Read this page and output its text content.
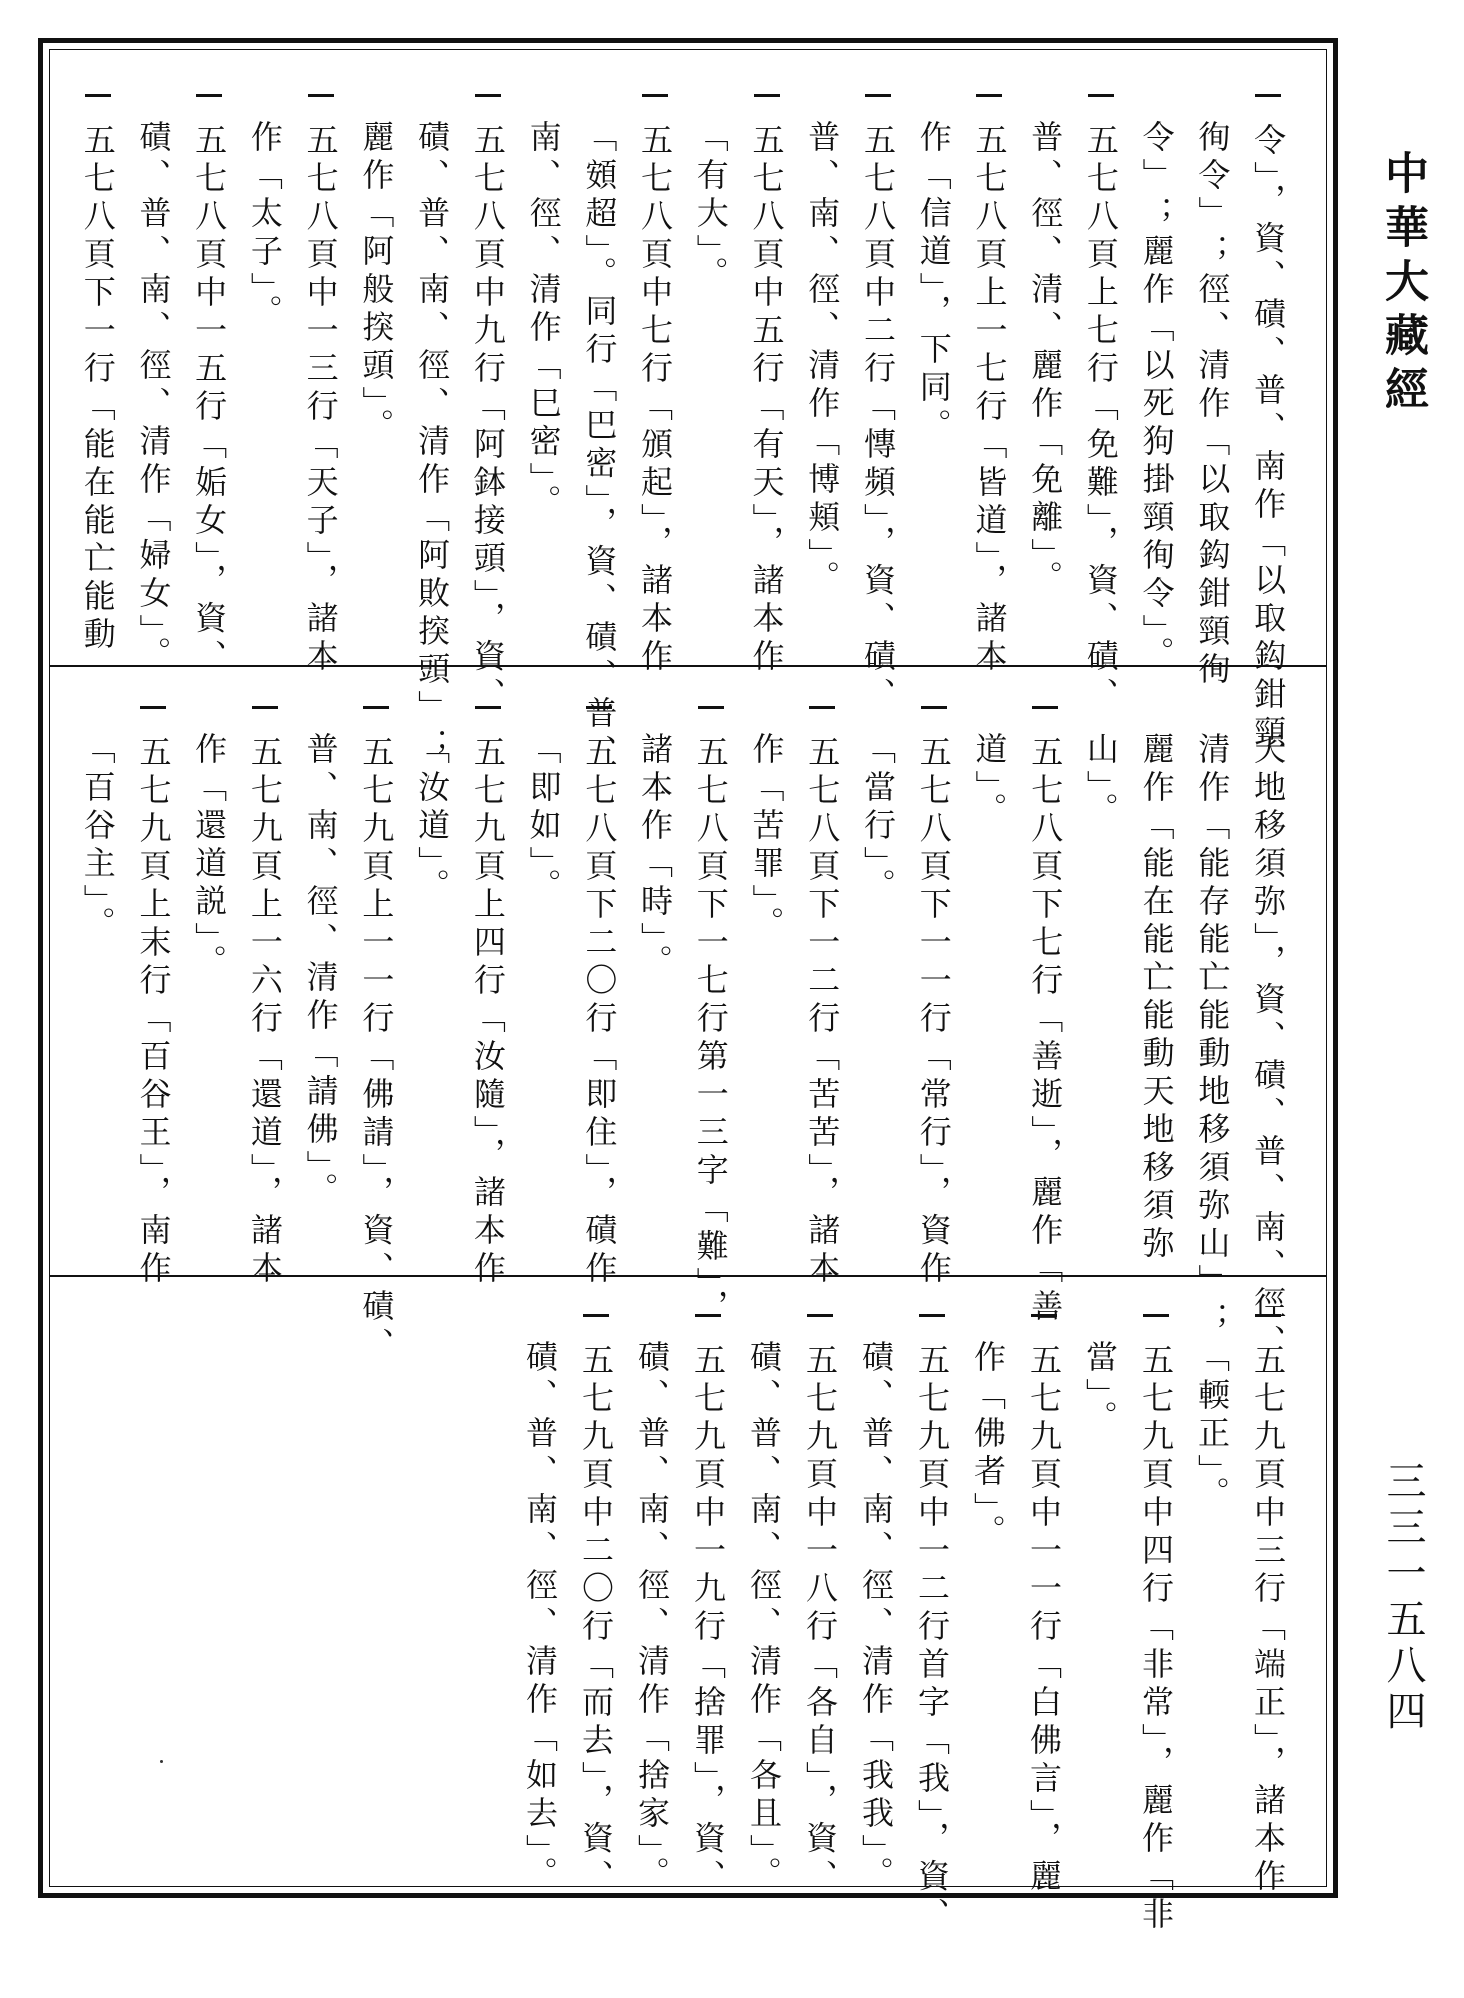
中華大藏經
令」，資、磧、普、南作「以取鈎鉗頸
徇令」；徑、清作「以取鈎鉗頸徇
令」；麗作「以死狗掛頸徇令」。
五七八頁上七行「免難」，資、磧、
普、徑、清、麗作「免離」。
五七八頁上一七行「皆道」，諸本
作「信道」，下同。
五七八頁中二行「慱頻」，資、磧、
普、南、徑、清作「博頬」。
五七八頁中五行「有天」，諸本作
「有大」。
五七八頁中七行「頒起」，諸本作
「頞超」。同行「巴密」，資、磧、普、
南、徑、清作「巳密」。
五七八頁中九行「阿鉢接頭」，資、
磧、普、南、徑、清作「阿敗揬頭」；
麗作「阿般揬頭」。
五七八頁中一三行「天子」，諸本
作「太子」。
五七八頁中一五行「姤女」，資、
磧、普、南、徑、清作「婦女」。
五七八頁下一行「能在能亡能動
天地移須弥」，資、磧、普、南、徑、
清作「能存能亡能動地移須弥山」；
麗作「能在能亡能動天地移須弥
山」。
五七八頁下七行「善逝」，麗作「善
道」。
五七八頁下一一行「常行」，資作
「當行」。
五七八頁下一二行「苦苦」，諸本
作「苦罪」。
五七八頁下一七行第一三字「難」，
諸本作「時」。
五七八頁下二〇行「即住」，磧作
「即如」。
五七九頁上四行「汝隨」，諸本作
「汝道」。
五七九頁上一一行「佛請」，資、磧、
普、南、徑、清作「請佛」。
五七九頁上一六行「還道」，諸本
作「還道説」。
五七九頁上末行「百谷王」，南作
「百谷主」。
五七九頁中三行「端正」，諸本作
「輭正」。
五七九頁中四行「非常」，麗作「非
當」。
五七九頁中一一行「白佛言」，麗
作「佛者」。
五七九頁中一二行首字「我」，資、
磧、普、南、徑、清作「我我」。
五七九頁中一八行「各自」，資、
磧、普、南、徑、清作「各且」。
五七九頁中一九行「捨罪」，資、
磧、普、南、徑、清作「捨家」。
五七九頁中二〇行「而去」，資、
磧、普、南、徑、清作「如去」。	三三一五八四
